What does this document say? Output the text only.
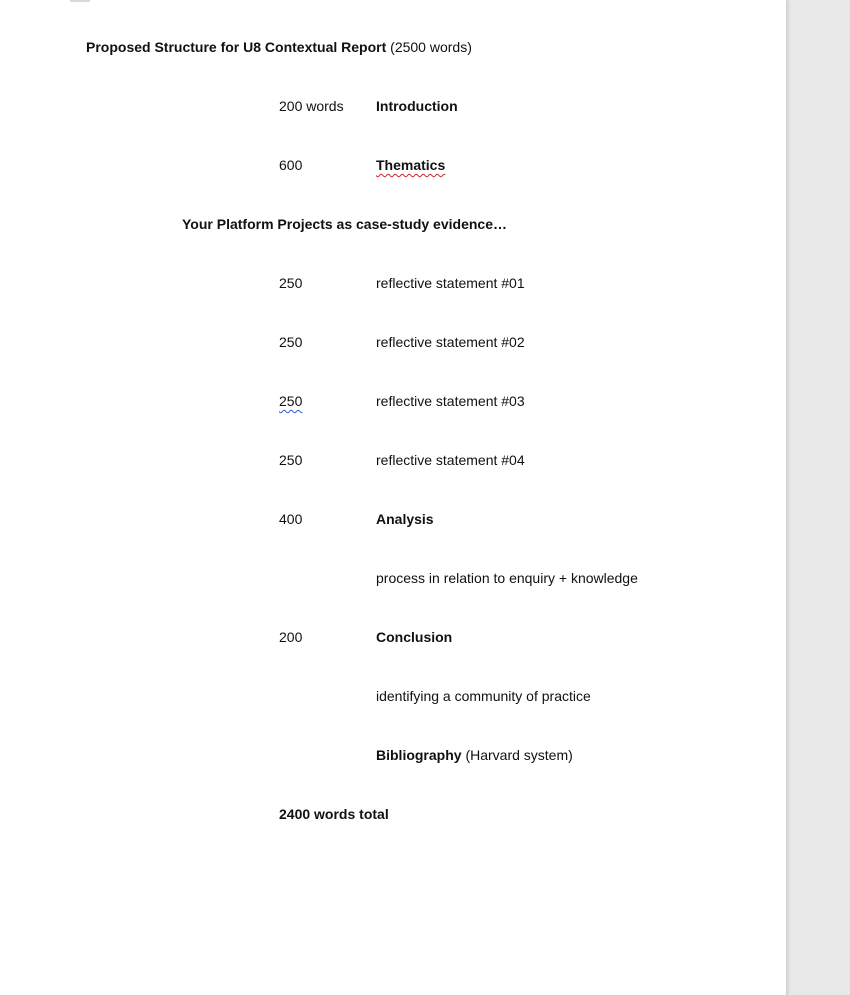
Proposed Structure for U8 Contextual Report (2500 words)
200 words Introduction
600	Thematics
Your Platform Projects as case-study evidence…
250	reflective statement #01
250	reflective statement #02
250	reflective statement #03
250	reflective statement #04
400	Analysis
process in relation to enquiry + knowledge
200	Conclusion
identifying a community of practice
Bibliography (Harvard system)
2400 words total
